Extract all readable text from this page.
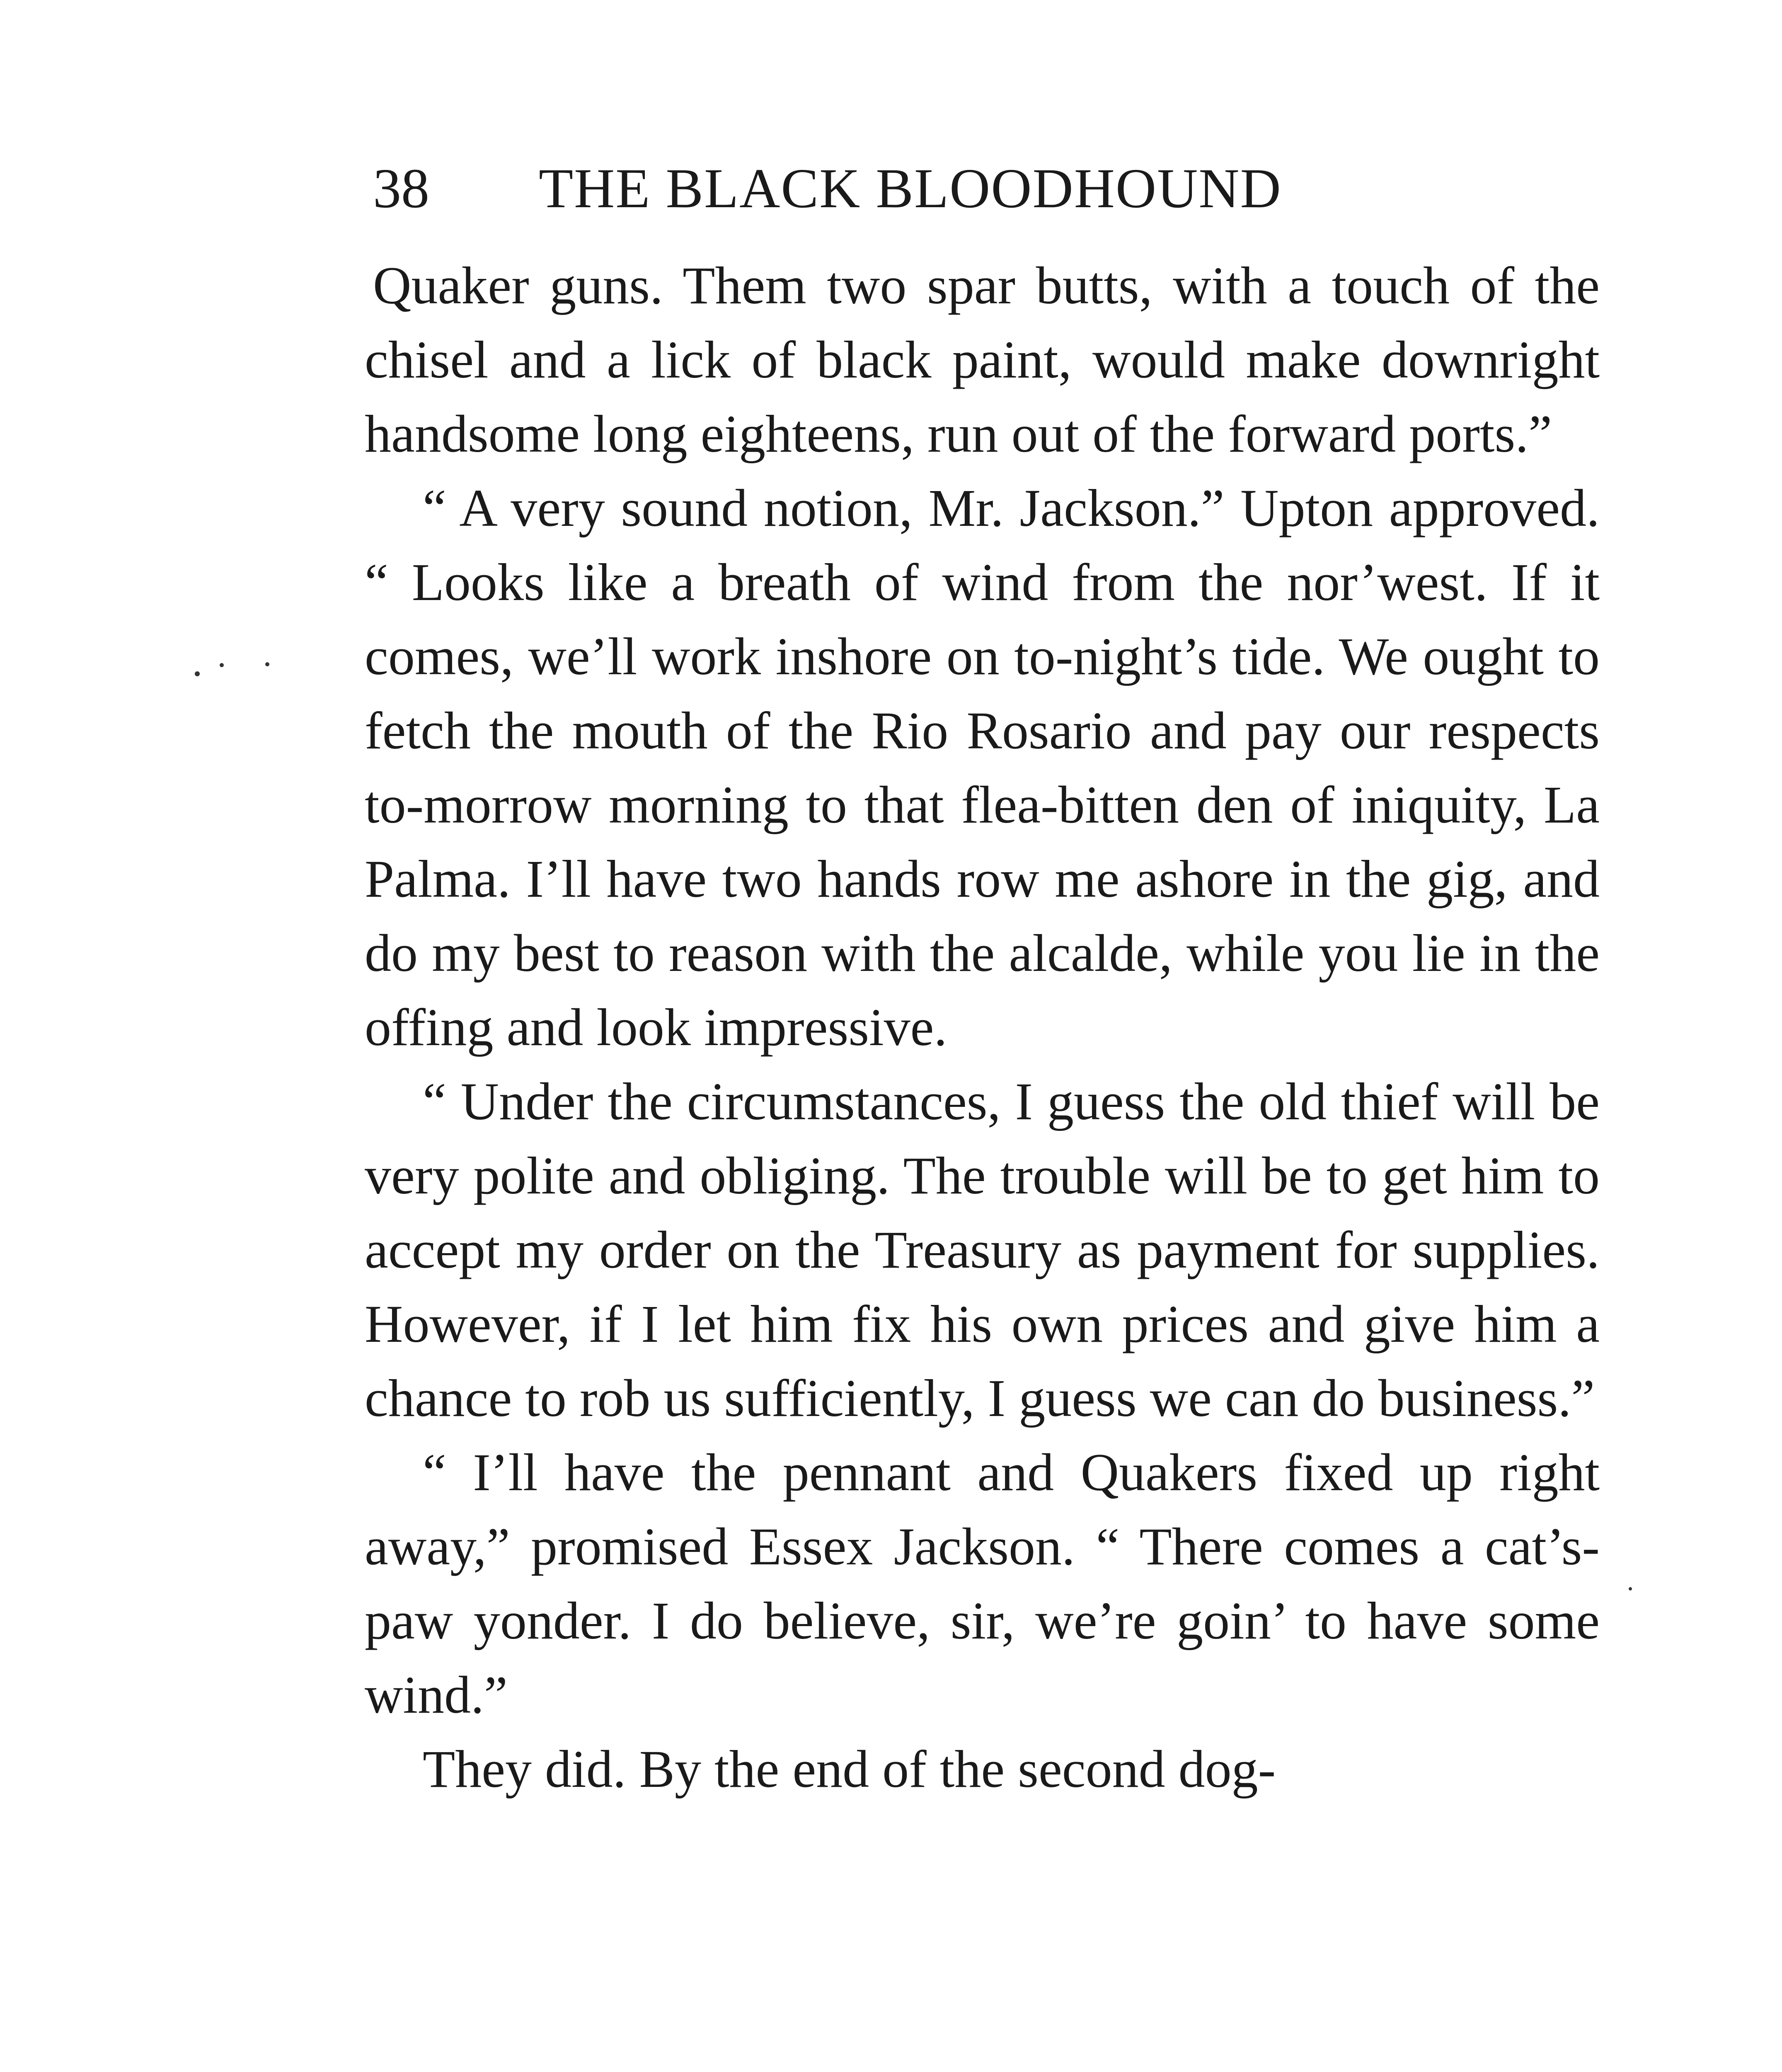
38 THE BLACK BLOODHOUND

Quaker guns. Them two spar butts, with a touch of the chisel and a lick of black paint, would make downright handsome long eighteens, run out of the forward ports.”

“ A very sound notion, Mr. Jackson.” Upton approved. “ Looks like a breath of wind from the nor’west. If it comes, we’ll work inshore on to-night’s tide. We ought to fetch the mouth of the Rio Rosario and pay our respects to-morrow morning to that flea-bitten den of iniquity, La Palma. I’ll have two hands row me ashore in the gig, and do my best to reason with the alcalde, while you lie in the offing and look impressive.

“ Under the circumstances, I guess the old thief will be very polite and obliging. The trouble will be to get him to accept my order on the Treasury as payment for supplies. However, if I let him fix his own prices and give him a chance to rob us sufficiently, I guess we can do business.”

“ I’ll have the pennant and Quakers fixed up right away,” promised Essex Jackson. “ There comes a cat’s-paw yonder. I do believe, sir, we’re goin’ to have some wind.”

They did. By the end of the second dog-
